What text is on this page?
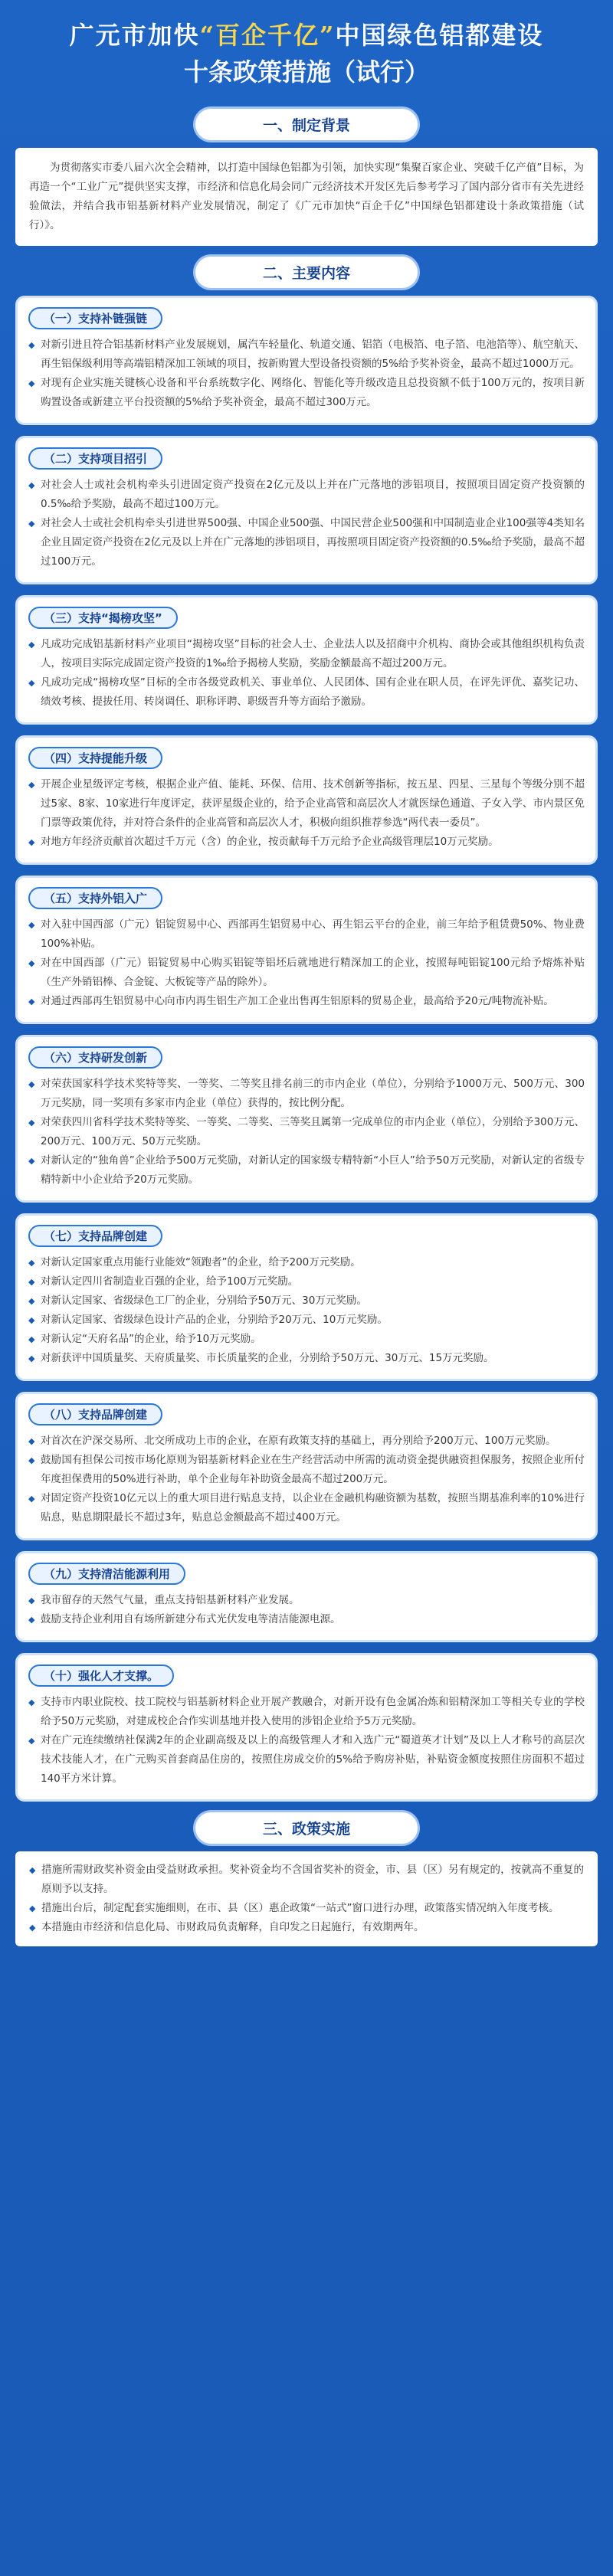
广元市加快“百企千亿”中国绿色铝都建设
十条政策措施（试行）
一、制定背景
为贯彻落实市委八届六次全会精神，以打造中国绿色铝都为引领，加快实现“集聚百家企业、突破千亿产值”目标，为再造一个“工业广元”提供坚实支撑，市经济和信息化局会同广元经济技术开发区先后参考学习了国内部分省市有关先进经验做法，并结合我市铝基新材料产业发展情况，制定了《广元市加快“百企千亿”中国绿色铝都建设十条政策措施（试行）》。
二、主要内容
（一）支持补链强链
◆ 对新引进且符合铝基新材料产业发展规划，属汽车轻量化、轨道交通、铝箔（电极箔、电子箔、电池箔等）、航空航天、再生铝保级利用等高端铝精深加工领域的项目，按新购置大型设备投资额的5%给予奖补资金，最高不超过1000万元。
◆ 对现有企业实施关键核心设备和平台系统数字化、网络化、智能化等升级改造且总投资额不低于100万元的，按项目新购置设备或新建立平台投资额的5%给予奖补资金，最高不超过300万元。
（二）支持项目招引
◆ 对社会人士或社会机构牵头引进固定资产投资在2亿元及以上并在广元落地的涉铝项目，按照项目固定资产投资额的0.5‰给予奖励，最高不超过100万元。
◆ 对社会人士或社会机构牵头引进世界500强、中国企业500强、中国民营企业500强和中国制造业企业100强等4类知名企业且固定资产投资在2亿元及以上并在广元落地的涉铝项目，再按照项目固定资产投资额的0.5‰给予奖励，最高不超过100万元。
（三）支持“揭榜攻坚”
◆ 凡成功完成铝基新材料产业项目“揭榜攻坚”目标的社会人士、企业法人以及招商中介机构、商协会或其他组织机构负责人，按项目实际完成固定资产投资的1‰给予揭榜人奖励，奖励金额最高不超过200万元。
◆ 凡成功完成“揭榜攻坚”目标的全市各级党政机关、事业单位、人民团体、国有企业在职人员，在评先评优、嘉奖记功、绩效考核、提拔任用、转岗调任、职称评聘、职级晋升等方面给予激励。
（四）支持提能升级
◆ 开展企业星级评定考核，根据企业产值、能耗、环保、信用、技术创新等指标，按五星、四星、三星每个等级分别不超过5家、8家、10家进行年度评定，获评星级企业的，给予企业高管和高层次人才就医绿色通道、子女入学、市内景区免门票等政策优待，并对符合条件的企业高管和高层次人才，积极向组织推荐参选“两代表一委员”。
◆ 对地方年经济贡献首次超过千万元（含）的企业，按贡献每千万元给予企业高级管理层10万元奖励。
（五）支持外铝入广
◆ 对入驻中国西部（广元）铝锭贸易中心、西部再生铝贸易中心、再生铝云平台的企业，前三年给予租赁费50%、物业费100%补贴。
◆ 对在中国西部（广元）铝锭贸易中心购买铝锭等铝坯后就地进行精深加工的企业，按照每吨铝锭100元给予熔炼补贴（生产外销铝棒、合金锭、大板锭等产品的除外）。
◆ 对通过西部再生铝贸易中心向市内再生铝生产加工企业出售再生铝原料的贸易企业，最高给予20元/吨物流补贴。
（六）支持研发创新
◆ 对荣获国家科学技术奖特等奖、一等奖、二等奖且排名前三的市内企业（单位），分别给予1000万元、500万元、300万元奖励，同一奖项有多家市内企业（单位）获得的，按比例分配。
◆ 对荣获四川省科学技术奖特等奖、一等奖、二等奖、三等奖且属第一完成单位的市内企业（单位），分别给予300万元、200万元、100万元、50万元奖励。
◆ 对新认定的“独角兽”企业给予500万元奖励，对新认定的国家级专精特新“小巨人”给予50万元奖励，对新认定的省级专精特新中小企业给予20万元奖励。
（七）支持品牌创建
◆ 对新认定国家重点用能行业能效“领跑者”的企业，给予200万元奖励。
◆ 对新认定四川省制造业百强的企业，给予100万元奖励。
◆ 对新认定国家、省级绿色工厂的企业，分别给予50万元、30万元奖励。
◆ 对新认定国家、省级绿色设计产品的企业，分别给予20万元、10万元奖励。
◆ 对新认定“天府名品”的企业，给予10万元奖励。
◆ 对新获评中国质量奖、天府质量奖、市长质量奖的企业，分别给予50万元、30万元、15万元奖励。
（八）支持品牌创建
◆ 对首次在沪深交易所、北交所成功上市的企业，在原有政策支持的基础上，再分别给予200万元、100万元奖励。
◆ 鼓励国有担保公司按市场化原则为铝基新材料企业在生产经营活动中所需的流动资金提供融资担保服务，按照企业所付年度担保费用的50%进行补助，单个企业每年补助资金最高不超过200万元。
◆ 对固定资产投资10亿元以上的重大项目进行贴息支持，以企业在金融机构融资额为基数，按照当期基准利率的10%进行贴息，贴息期限最长不超过3年，贴息总金额最高不超过400万元。
（九）支持清洁能源利用
◆ 我市留存的天然气气量，重点支持铝基新材料产业发展。
◆ 鼓励支持企业利用自有场所新建分布式光伏发电等清洁能源电源。
（十）强化人才支撑。
◆ 支持市内职业院校、技工院校与铝基新材料企业开展产教融合，对新开设有色金属冶炼和铝精深加工等相关专业的学校给予50万元奖励，对建成校企合作实训基地并投入使用的涉铝企业给予5万元奖励。
◆ 对在广元连续缴纳社保满2年的企业副高级及以上的高级管理人才和入选广元“蜀道英才计划”及以上人才称号的高层次技术技能人才，在广元购买首套商品住房的，按照住房成交价的5%给予购房补贴，补贴资金额度按照住房面积不超过140平方米计算。
三、政策实施
◆ 措施所需财政奖补资金由受益财政承担。奖补资金均不含国省奖补的资金，市、县（区）另有规定的，按就高不重复的原则予以支持。
◆ 措施出台后，制定配套实施细则，在市、县（区）惠企政策“一站式”窗口进行办理，政策落实情况纳入年度考核。
◆ 本措施由市经济和信息化局、市财政局负责解释，自印发之日起施行，有效期两年。
